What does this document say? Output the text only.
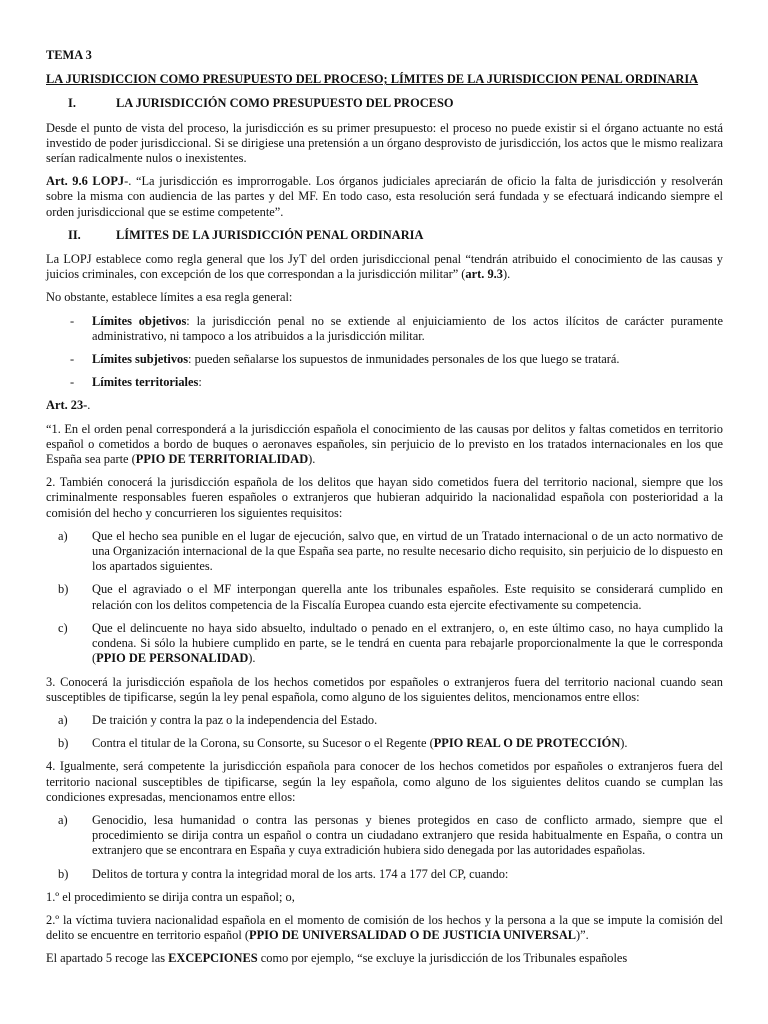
TEMA 3

LA JURISDICCION COMO PRESUPUESTO DEL PROCESO; LÍMITES DE LA JURISDICCION PENAL ORDINARIA

I.	LA JURISDICCIÓN COMO PRESUPUESTO DEL PROCESO

Desde el punto de vista del proceso, la jurisdicción es su primer presupuesto: el proceso no puede existir si el órgano actuante no está investido de poder jurisdiccional. Si se dirigiese una pretensión a un órgano desprovisto de jurisdicción, los actos que le mismo realizara serían radicalmente nulos o inexistentes.

Art. 9.6 LOPJ-. “La jurisdicción es improrrogable. Los órganos judiciales apreciarán de oficio la falta de jurisdicción y resolverán sobre la misma con audiencia de las partes y del MF. En todo caso, esta resolución será fundada y se efectuará indicando siempre el orden jurisdiccional que se estime competente”.

II.	LÍMITES DE LA JURISDICCIÓN PENAL ORDINARIA

La LOPJ establece como regla general que los JyT del orden jurisdiccional penal “tendrán atribuido el conocimiento de las causas y juicios criminales, con excepción de los que correspondan a la jurisdicción militar” (art. 9.3).

No obstante, establece límites a esa regla general:

-	Límites objetivos: la jurisdicción penal no se extiende al enjuiciamiento de los actos ilícitos de carácter puramente administrativo, ni tampoco a los atribuidos a la jurisdicción militar.
-	Límites subjetivos: pueden señalarse los supuestos de inmunidades personales de los que luego se tratará.
-	Límites territoriales:

Art. 23-.

“1. En el orden penal corresponderá a la jurisdicción española el conocimiento de las causas por delitos y faltas cometidos en territorio español o cometidos a bordo de buques o aeronaves españoles, sin perjuicio de lo previsto en los tratados internacionales en los que España sea parte (PPIO DE TERRITORIALIDAD).

2. También conocerá la jurisdicción española de los delitos que hayan sido cometidos fuera del territorio nacional, siempre que los criminalmente responsables fueren españoles o extranjeros que hubieran adquirido la nacionalidad española con posterioridad a la comisión del hecho y concurrieren los siguientes requisitos:

a)	Que el hecho sea punible en el lugar de ejecución, salvo que, en virtud de un Tratado internacional o de un acto normativo de una Organización internacional de la que España sea parte, no resulte necesario dicho requisito, sin perjuicio de lo dispuesto en los apartados siguientes.
b)	Que el agraviado o el MF interpongan querella ante los tribunales españoles. Este requisito se considerará cumplido en relación con los delitos competencia de la Fiscalía Europea cuando esta ejercite efectivamente su competencia.
c)	Que el delincuente no haya sido absuelto, indultado o penado en el extranjero, o, en este último caso, no haya cumplido la condena. Si sólo la hubiere cumplido en parte, se le tendrá en cuenta para rebajarle proporcionalmente la que le corresponda (PPIO DE PERSONALIDAD).

3. Conocerá la jurisdicción española de los hechos cometidos por españoles o extranjeros fuera del territorio nacional cuando sean susceptibles de tipificarse, según la ley penal española, como alguno de los siguientes delitos, mencionamos entre ellos:

a)	De traición y contra la paz o la independencia del Estado.
b)	Contra el titular de la Corona, su Consorte, su Sucesor o el Regente (PPIO REAL O DE PROTECCIÓN).

4. Igualmente, será competente la jurisdicción española para conocer de los hechos cometidos por españoles o extranjeros fuera del territorio nacional susceptibles de tipificarse, según la ley española, como alguno de los siguientes delitos cuando se cumplan las condiciones expresadas, mencionamos entre ellos:

a)	Genocidio, lesa humanidad o contra las personas y bienes protegidos en caso de conflicto armado, siempre que el procedimiento se dirija contra un español o contra un ciudadano extranjero que resida habitualmente en España, o contra un extranjero que se encontrara en España y cuya extradición hubiera sido denegada por las autoridades españolas.
b)	Delitos de tortura y contra la integridad moral de los arts. 174 a 177 del CP, cuando:

1.º el procedimiento se dirija contra un español; o,

2.º la víctima tuviera nacionalidad española en el momento de comisión de los hechos y la persona a la que se impute la comisión del delito se encuentre en territorio español (PPIO DE UNIVERSALIDAD O DE JUSTICIA UNIVERSAL)”.

El apartado 5 recoge las EXCEPCIONES como por ejemplo, “se excluye la jurisdicción de los Tribunales españoles
